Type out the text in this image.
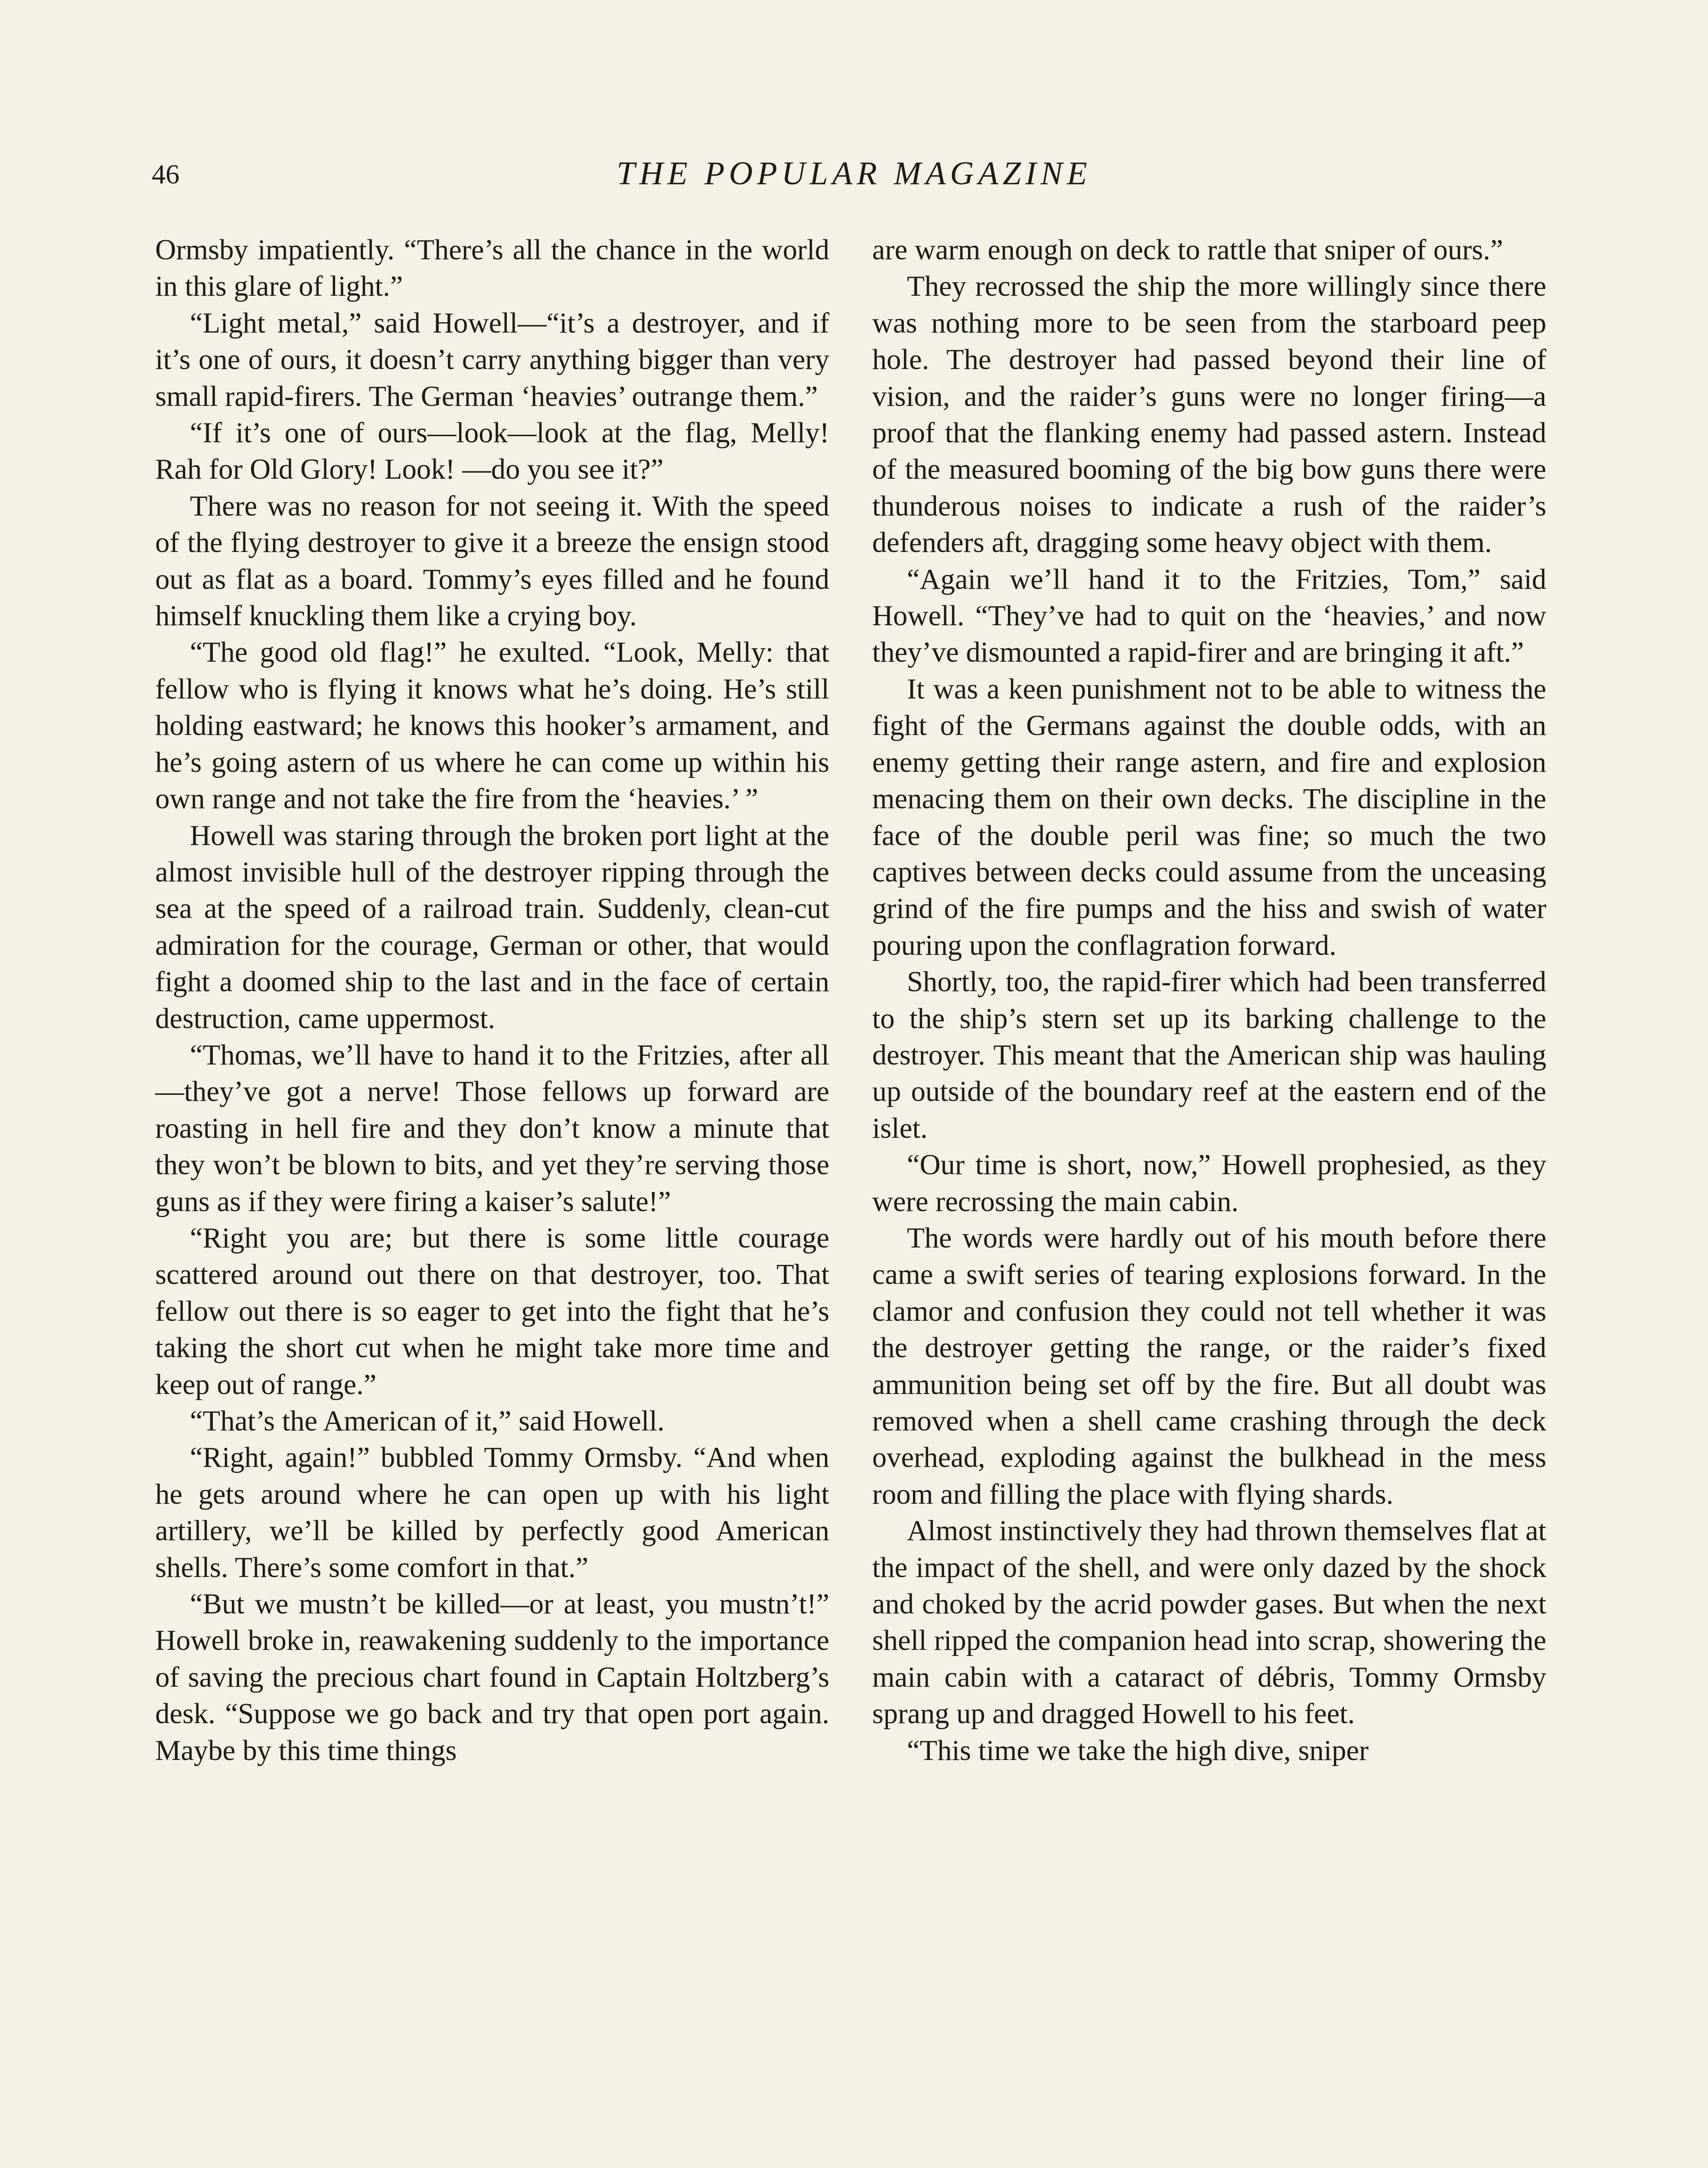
46	THE POPULAR MAGAZINE

Ormsby impatiently. “There’s all the chance in the world in this glare of light.”

“Light metal,” said Howell—“it’s a destroyer, and if it’s one of ours, it doesn’t carry anything bigger than very small rapid-firers. The German ‘heavies’ outrange them.”

“If it’s one of ours—look—look at the flag, Melly! Rah for Old Glory! Look! —do you see it?”

There was no reason for not seeing it. With the speed of the flying destroyer to give it a breeze the ensign stood out as flat as a board. Tommy’s eyes filled and he found himself knuckling them like a crying boy.

“The good old flag!” he exulted. “Look, Melly: that fellow who is flying it knows what he’s doing. He’s still holding eastward; he knows this hooker’s armament, and he’s going astern of us where he can come up within his own range and not take the fire from the ‘heavies.’ ”

Howell was staring through the broken port light at the almost invisible hull of the destroyer ripping through the sea at the speed of a railroad train. Suddenly, clean-cut admiration for the courage, German or other, that would fight a doomed ship to the last and in the face of certain destruction, came uppermost.

“Thomas, we’ll have to hand it to the Fritzies, after all—they’ve got a nerve! Those fellows up forward are roasting in hell fire and they don’t know a minute that they won’t be blown to bits, and yet they’re serving those guns as if they were firing a kaiser’s salute!”

“Right you are; but there is some little courage scattered around out there on that destroyer, too. That fellow out there is so eager to get into the fight that he’s taking the short cut when he might take more time and keep out of range.”

“That’s the American of it,” said Howell.

“Right, again!” bubbled Tommy Ormsby. “And when he gets around where he can open up with his light artillery, we’ll be killed by perfectly good American shells. There’s some comfort in that.”

“But we mustn’t be killed—or at least, you mustn’t!” Howell broke in, reawakening suddenly to the importance of saving the precious chart found in Captain Holtzberg’s desk. “Suppose we go back and try that open port again. Maybe by this time things

are warm enough on deck to rattle that sniper of ours.”

They recrossed the ship the more willingly since there was nothing more to be seen from the starboard peep hole. The destroyer had passed beyond their line of vision, and the raider’s guns were no longer firing—a proof that the flanking enemy had passed astern. Instead of the measured booming of the big bow guns there were thunderous noises to indicate a rush of the raider’s defenders aft, dragging some heavy object with them.

“Again we’ll hand it to the Fritzies, Tom,” said Howell. “They’ve had to quit on the ‘heavies,’ and now they’ve dismounted a rapid-firer and are bringing it aft.”

It was a keen punishment not to be able to witness the fight of the Germans against the double odds, with an enemy getting their range astern, and fire and explosion menacing them on their own decks. The discipline in the face of the double peril was fine; so much the two captives between decks could assume from the unceasing grind of the fire pumps and the hiss and swish of water pouring upon the conflagration forward.

Shortly, too, the rapid-firer which had been transferred to the ship’s stern set up its barking challenge to the destroyer. This meant that the American ship was hauling up outside of the boundary reef at the eastern end of the islet.

“Our time is short, now,” Howell prophesied, as they were recrossing the main cabin.

The words were hardly out of his mouth before there came a swift series of tearing explosions forward. In the clamor and confusion they could not tell whether it was the destroyer getting the range, or the raider’s fixed ammunition being set off by the fire. But all doubt was removed when a shell came crashing through the deck overhead, exploding against the bulkhead in the mess room and filling the place with flying shards.

Almost instinctively they had thrown themselves flat at the impact of the shell, and were only dazed by the shock and choked by the acrid powder gases. But when the next shell ripped the companion head into scrap, showering the main cabin with a cataract of débris, Tommy Ormsby sprang up and dragged Howell to his feet.

“This time we take the high dive, sniper
